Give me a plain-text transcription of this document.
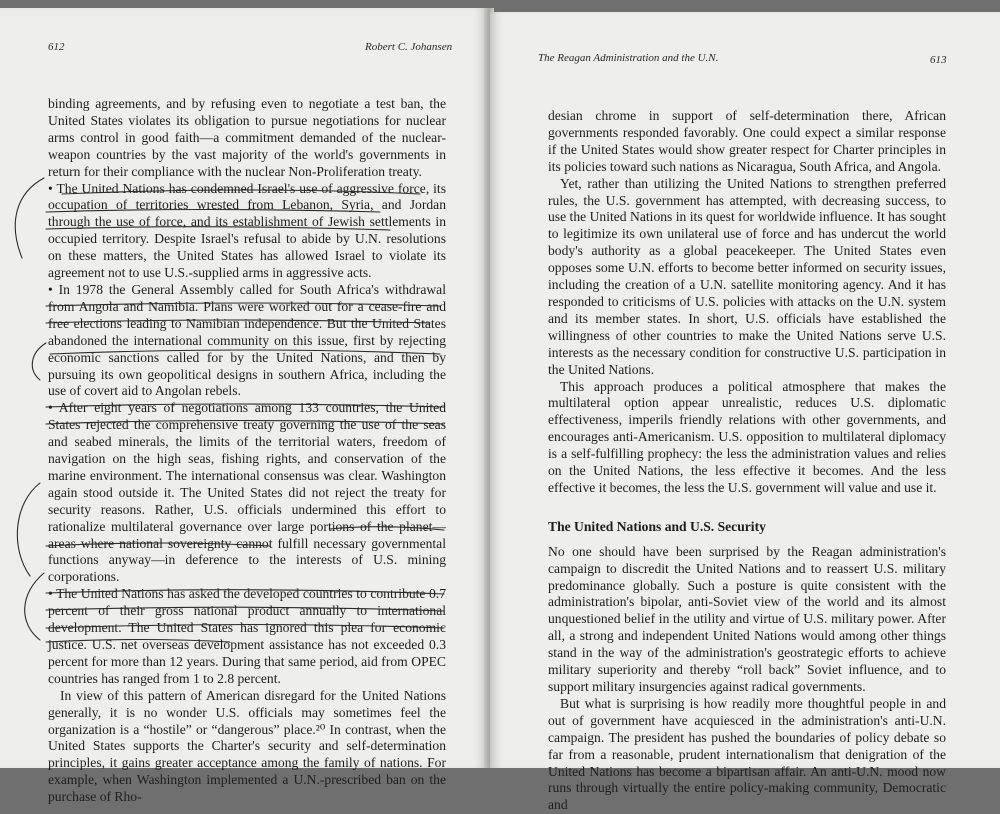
612	Robert C. Johansen

binding agreements, and by refusing even to negotiate a test ban, the United States violates its obligation to pursue negotiations for nuclear arms control in good faith—a commitment demanded of the nuclear-weapon countries by the vast majority of the world's governments in return for their compliance with the nuclear Non-Proliferation treaty.

• The United Nations has condemned Israel's use of aggressive force, its occupation of territories wrested from Lebanon, Syria, and Jordan through the use of force, and its establishment of Jewish settlements in occupied territory. Despite Israel's refusal to abide by U.N. resolutions on these matters, the United States has allowed Israel to violate its agreement not to use U.S.-supplied arms in aggressive acts.

• In 1978 the General Assembly called for South Africa's withdrawal from Angola and Namibia. Plans were worked out for a cease-fire and free elections leading to Namibian independence. But the United States abandoned the international community on this issue, first by rejecting economic sanctions called for by the United Nations, and then by pursuing its own geopolitical designs in southern Africa, including the use of covert aid to Angolan rebels.

• After eight years of negotiations among 133 countries, the United States rejected the comprehensive treaty governing the use of the seas and seabed minerals, the limits of the territorial waters, freedom of navigation on the high seas, fishing rights, and conservation of the marine environment. The international consensus was clear. Washington again stood outside it. The United States did not reject the treaty for security reasons. Rather, U.S. officials undermined this effort to rationalize multilateral governance over large portions of the planet—areas where national sovereignty cannot fulfill necessary governmental functions anyway—in deference to the interests of U.S. mining corporations.

• The United Nations has asked the developed countries to contribute 0.7 percent of their gross national product annually to international development. The United States has ignored this plea for economic justice. U.S. net overseas development assistance has not exceeded 0.3 percent for more than 12 years. During that same period, aid from OPEC countries has ranged from 1 to 2.8 percent.

In view of this pattern of American disregard for the United Nations generally, it is no wonder U.S. officials may sometimes feel the organization is a “hostile” or “dangerous” place.²⁰ In contrast, when the United States supports the Charter's security and self-determination principles, it gains greater acceptance among the family of nations. For example, when Washington implemented a U.N.-prescribed ban on the purchase of Rho-

The Reagan Administration and the U.N.	613

desian chrome in support of self-determination there, African governments responded favorably. One could expect a similar response if the United States would show greater respect for Charter principles in its policies toward such nations as Nicaragua, South Africa, and Angola.

Yet, rather than utilizing the United Nations to strengthen preferred rules, the U.S. government has attempted, with decreasing success, to use the United Nations in its quest for worldwide influence. It has sought to legitimize its own unilateral use of force and has undercut the world body's authority as a global peacekeeper. The United States even opposes some U.N. efforts to become better informed on security issues, including the creation of a U.N. satellite monitoring agency. And it has responded to criticisms of U.S. policies with attacks on the U.N. system and its member states. In short, U.S. officials have established the willingness of other countries to make the United Nations serve U.S. interests as the necessary condition for constructive U.S. participation in the United Nations.

This approach produces a political atmosphere that makes the multilateral option appear unrealistic, reduces U.S. diplomatic effectiveness, imperils friendly relations with other governments, and encourages anti-Americanism. U.S. opposition to multilateral diplomacy is a self-fulfilling prophecy: the less the administration values and relies on the United Nations, the less effective it becomes. And the less effective it becomes, the less the U.S. government will value and use it.

The United Nations and U.S. Security

No one should have been surprised by the Reagan administration's campaign to discredit the United Nations and to reassert U.S. military predominance globally. Such a posture is quite consistent with the administration's bipolar, anti-Soviet view of the world and its almost unquestioned belief in the utility and virtue of U.S. military power. After all, a strong and independent United Nations would among other things stand in the way of the administration's geostrategic efforts to achieve military superiority and thereby “roll back” Soviet influence, and to support military insurgencies against radical governments.

But what is surprising is how readily more thoughtful people in and out of government have acquiesced in the administration's anti-U.N. campaign. The president has pushed the boundaries of policy debate so far from a reasonable, prudent internationalism that denigration of the United Nations has become a bipartisan affair. An anti-U.N. mood now runs through virtually the entire policy-making community, Democratic and
